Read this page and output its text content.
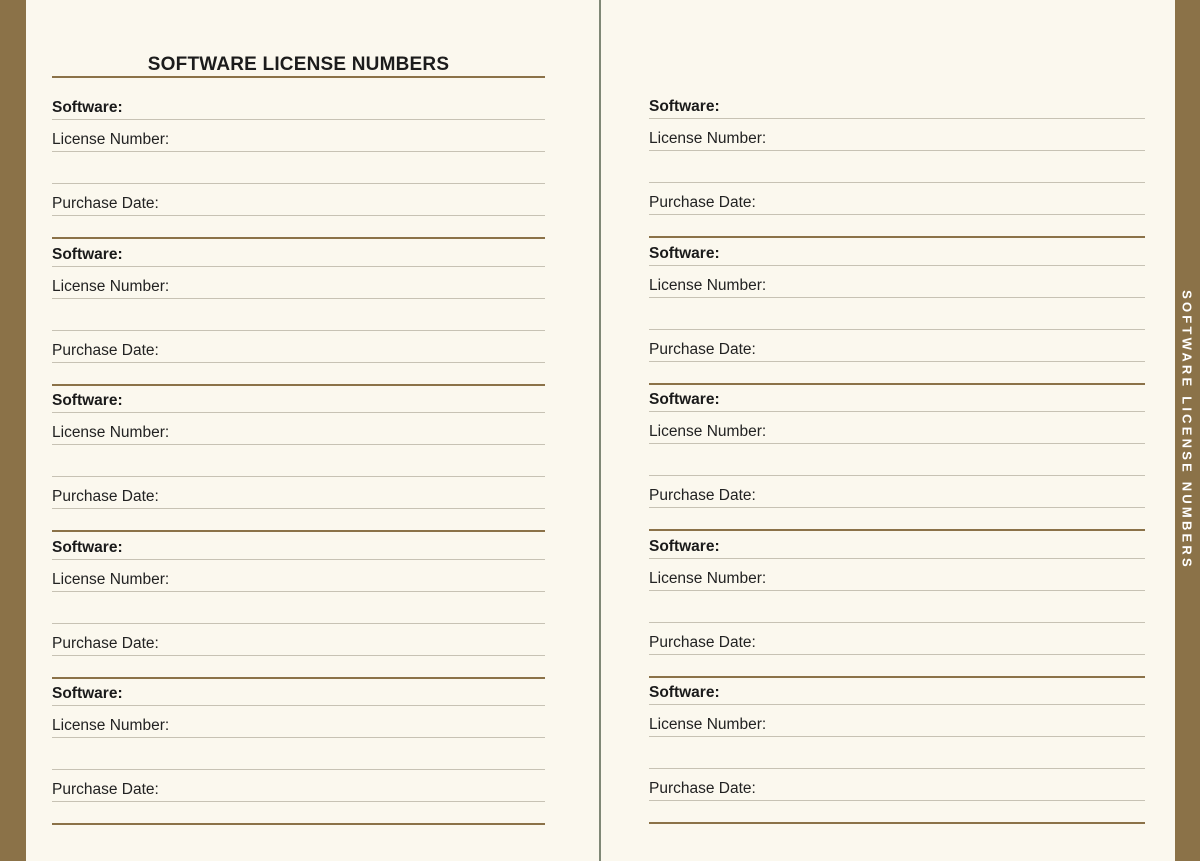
SOFTWARE LICENSE NUMBERS
Software:
License Number:
Purchase Date:
Software:
License Number:
Purchase Date:
Software:
License Number:
Purchase Date:
Software:
License Number:
Purchase Date:
Software:
License Number:
Purchase Date:
Software:
License Number:
Purchase Date:
Software:
License Number:
Purchase Date:
Software:
License Number:
Purchase Date:
Software:
License Number:
Purchase Date:
Software:
License Number:
Purchase Date:
SOFTWARE LICENSE NUMBERS
